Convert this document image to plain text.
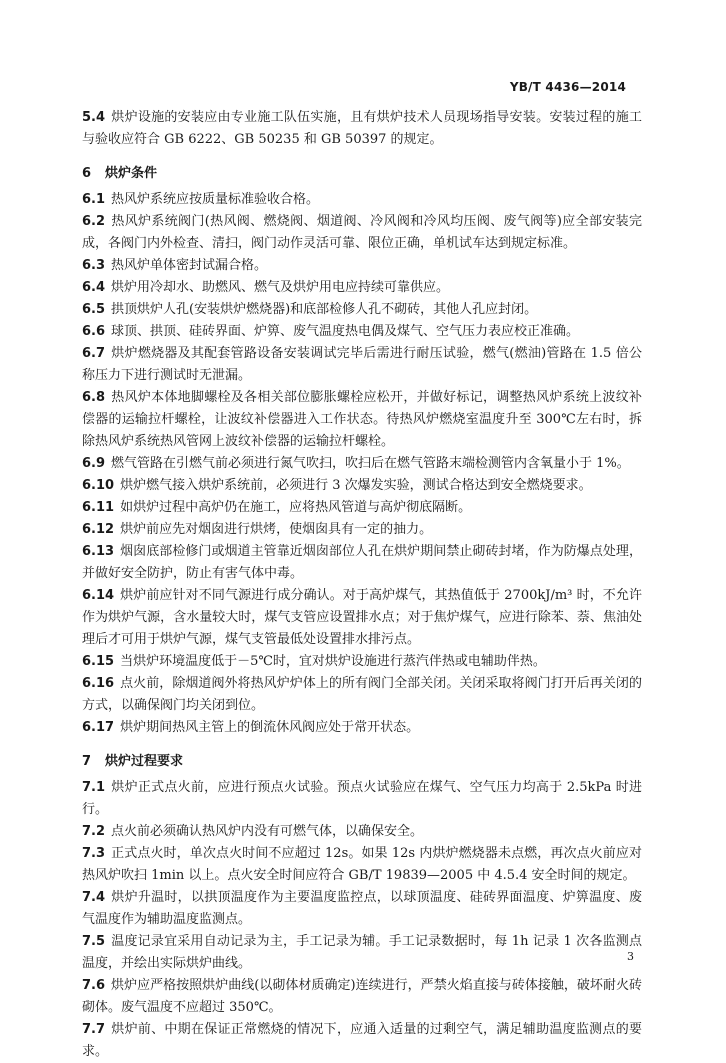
YB/T 4436—2014

5.4 烘炉设施的安装应由专业施工队伍实施，且有烘炉技术人员现场指导安装。安装过程的施工与验收应符合 GB 6222、GB 50235 和 GB 50397 的规定。

6 烘炉条件

6.1 热风炉系统应按质量标准验收合格。

6.2 热风炉系统阀门(热风阀、燃烧阀、烟道阀、冷风阀和冷风均压阀、废气阀等)应全部安装完成，各阀门内外检查、清扫，阀门动作灵活可靠、限位正确，单机试车达到规定标准。

6.3 热风炉单体密封试漏合格。

6.4 烘炉用冷却水、助燃风、燃气及烘炉用电应持续可靠供应。

6.5 拱顶烘炉人孔(安装烘炉燃烧器)和底部检修人孔不砌砖，其他人孔应封闭。

6.6 球顶、拱顶、硅砖界面、炉箅、废气温度热电偶及煤气、空气压力表应校正准确。

6.7 烘炉燃烧器及其配套管路设备安装调试完毕后需进行耐压试验，燃气(燃油)管路在 1.5 倍公称压力下进行测试时无泄漏。

6.8 热风炉本体地脚螺栓及各相关部位膨胀螺栓应松开，并做好标记，调整热风炉系统上波纹补偿器的运输拉杆螺栓，让波纹补偿器进入工作状态。待热风炉燃烧室温度升至 300℃左右时，拆除热风炉系统热风管网上波纹补偿器的运输拉杆螺栓。

6.9 燃气管路在引燃气前必须进行氮气吹扫，吹扫后在燃气管路末端检测管内含氧量小于 1%。

6.10 烘炉燃气接入烘炉系统前，必须进行 3 次爆发实验，测试合格达到安全燃烧要求。

6.11 如烘炉过程中高炉仍在施工，应将热风管道与高炉彻底隔断。

6.12 烘炉前应先对烟囱进行烘烤，使烟囱具有一定的抽力。

6.13 烟囱底部检修门或烟道主管靠近烟囱部位人孔在烘炉期间禁止砌砖封堵，作为防爆点处理，并做好安全防护，防止有害气体中毒。

6.14 烘炉前应针对不同气源进行成分确认。对于高炉煤气，其热值低于 2700kJ/m³ 时，不允许作为烘炉气源，含水量较大时，煤气支管应设置排水点；对于焦炉煤气，应进行除苯、萘、焦油处理后才可用于烘炉气源，煤气支管最低处设置排水排污点。

6.15 当烘炉环境温度低于－5℃时，宜对烘炉设施进行蒸汽伴热或电辅助伴热。

6.16 点火前，除烟道阀外将热风炉炉体上的所有阀门全部关闭。关闭采取将阀门打开后再关闭的方式，以确保阀门均关闭到位。

6.17 烘炉期间热风主管上的倒流休风阀应处于常开状态。

7 烘炉过程要求

7.1 烘炉正式点火前，应进行预点火试验。预点火试验应在煤气、空气压力均高于 2.5kPa 时进行。

7.2 点火前必须确认热风炉内没有可燃气体，以确保安全。

7.3 正式点火时，单次点火时间不应超过 12s。如果 12s 内烘炉燃烧器未点燃，再次点火前应对热风炉吹扫 1min 以上。点火安全时间应符合 GB/T 19839—2005 中 4.5.4 安全时间的规定。

7.4 烘炉升温时，以拱顶温度作为主要温度监控点，以球顶温度、硅砖界面温度、炉箅温度、废气温度作为辅助温度监测点。

7.5 温度记录宜采用自动记录为主，手工记录为辅。手工记录数据时，每 1h 记录 1 次各监测点温度，并绘出实际烘炉曲线。

7.6 烘炉应严格按照烘炉曲线(以砌体材质确定)连续进行，严禁火焰直接与砖体接触，破坏耐火砖砌体。废气温度不应超过 350℃。

7.7 烘炉前、中期在保证正常燃烧的情况下，应通入适量的过剩空气，满足辅助温度监测点的要求。

3
